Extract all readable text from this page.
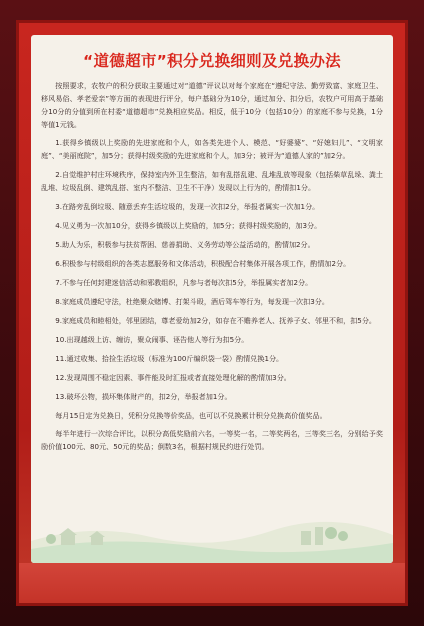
“道德超市”积分兑换细则及兑换办法

按照要求，农牧户的积分获取主要通过对“道德”评议以对每个家庭在“遵纪守法、勤劳致富、家庭卫生、移风易俗、孝老爱亲”等方面的表现进行评分，每户基础分为10分，通过加分、扣分后，农牧户可用高于基础分10分的分值到所在村委“道德超市”兑换相应奖品。相反，低于10分（包括10分）的家庭不参与兑换，1分等值1元钱。

1.获得乡镇级以上奖励的先进家庭和个人，如各类先进个人、模范、“好婆婆”、“好媳妇儿”、“文明家庭”、“美丽庭院”，加5分；获得村级奖励的先进家庭和个人，加3分；被评为“道德人家的”加2分。

2.自觉维护村庄环境秩序，保持室内外卫生整洁，如有乱搭乱建、乱堆乱放等现象（包括柴草乱垛、粪土乱堆、垃圾乱倒、建筑乱搭、室内不整洁、卫生不干净）发现以上行为的，酌情扣1分。

3.在路旁乱倒垃圾、随意丢弃生活垃圾的，发现一次扣2分，举报者属实一次加1分。

4.见义勇为一次加10分，获得乡镇级以上奖励的，加5分；获得村级奖励的，加3分。

5.助人为乐，积极参与扶贫帮困、慈善捐助、义务劳动等公益活动的，酌情加2分。

6.积极参与村级组织的各类志愿服务和文体活动，积极配合村集体开展各项工作，酌情加2分。

7.不参与任何封建迷信活动和邪教组织，凡参与者每次扣5分，举报属实者加2分。

8.家庭成员遵纪守法，杜绝聚众赌博、打架斗殴，酒后驾车等行为，每发现一次扣3分。

9.家庭成员和睦相处，邻里团结，尊老爱幼加2分，如存在不赡养老人、抚养子女、邻里不和，扣5分。

10.出现越级上访、缠访，聚众闹事、诬告他人等行为扣5分。

11.通过收集、拾捡生活垃圾（标准为100斤编织袋一袋）酌情兑换1分。

12.发现周围不稳定因素、事件能及时汇报或者直接处理化解的酌情加3分。

13.破坏公物，损坏集体财产的，扣2分，举报者加1分。

每月15日定为兑换日，凭积分兑换等价奖品，也可以不兑换累计积分兑换高价值奖品。

每半年进行一次综合评比，以积分高低奖励前六名，一等奖一名，二等奖两名，三等奖三名，分别给予奖励价值100元、80元、50元的奖品；倒数3名，根据村规民约进行处罚。
